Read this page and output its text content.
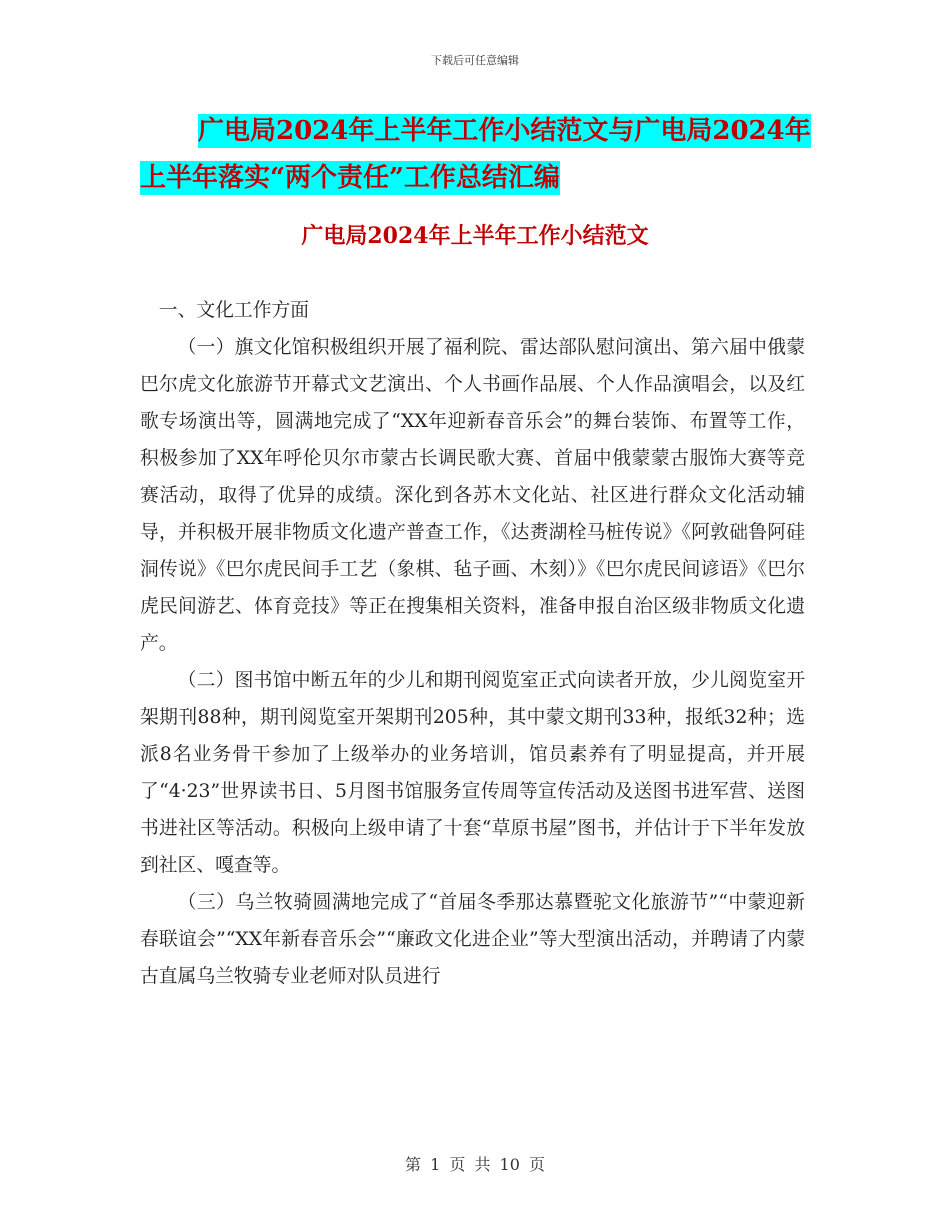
下载后可任意编辑
广电局2024年上半年工作小结范文与广电局2024年
上半年落实“两个责任”工作总结汇编
广电局2024年上半年工作小结范文

一、文化工作方面

（一）旗文化馆积极组织开展了福利院、雷达部队慰问演出、第六届中俄蒙巴尔虎文化旅游节开幕式文艺演出、个人书画作品展、个人作品演唱会，以及红歌专场演出等，圆满地完成了“XX年迎新春音乐会”的舞台装饰、布置等工作，积极参加了XX年呼伦贝尔市蒙古长调民歌大赛、首届中俄蒙蒙古服饰大赛等竞赛活动，取得了优异的成绩。深化到各苏木文化站、社区进行群众文化活动辅导，并积极开展非物质文化遗产普查工作，《达赉湖栓马桩传说》《阿敦础鲁阿硅洞传说》《巴尔虎民间手工艺（象棋、毡子画、木刻）》《巴尔虎民间谚语》《巴尔虎民间游艺、体育竞技》等正在搜集相关资料，准备申报自治区级非物质文化遗产。

（二）图书馆中断五年的少儿和期刊阅览室正式向读者开放，少儿阅览室开架期刊88种，期刊阅览室开架期刊205种，其中蒙文期刊33种，报纸32种；选派8名业务骨干参加了上级举办的业务培训，馆员素养有了明显提高，并开展了“4·23”世界读书日、5月图书馆服务宣传周等宣传活动及送图书进军营、送图书进社区等活动。积极向上级申请了十套“草原书屋”图书，并估计于下半年发放到社区、嘎查等。

（三）乌兰牧骑圆满地完成了“首届冬季那达慕暨驼文化旅游节”“中蒙迎新春联谊会”“XX年新春音乐会”“廉政文化进企业”等大型演出活动，并聘请了内蒙古直属乌兰牧骑专业老师对队员进行

第 1 页 共 10 页
